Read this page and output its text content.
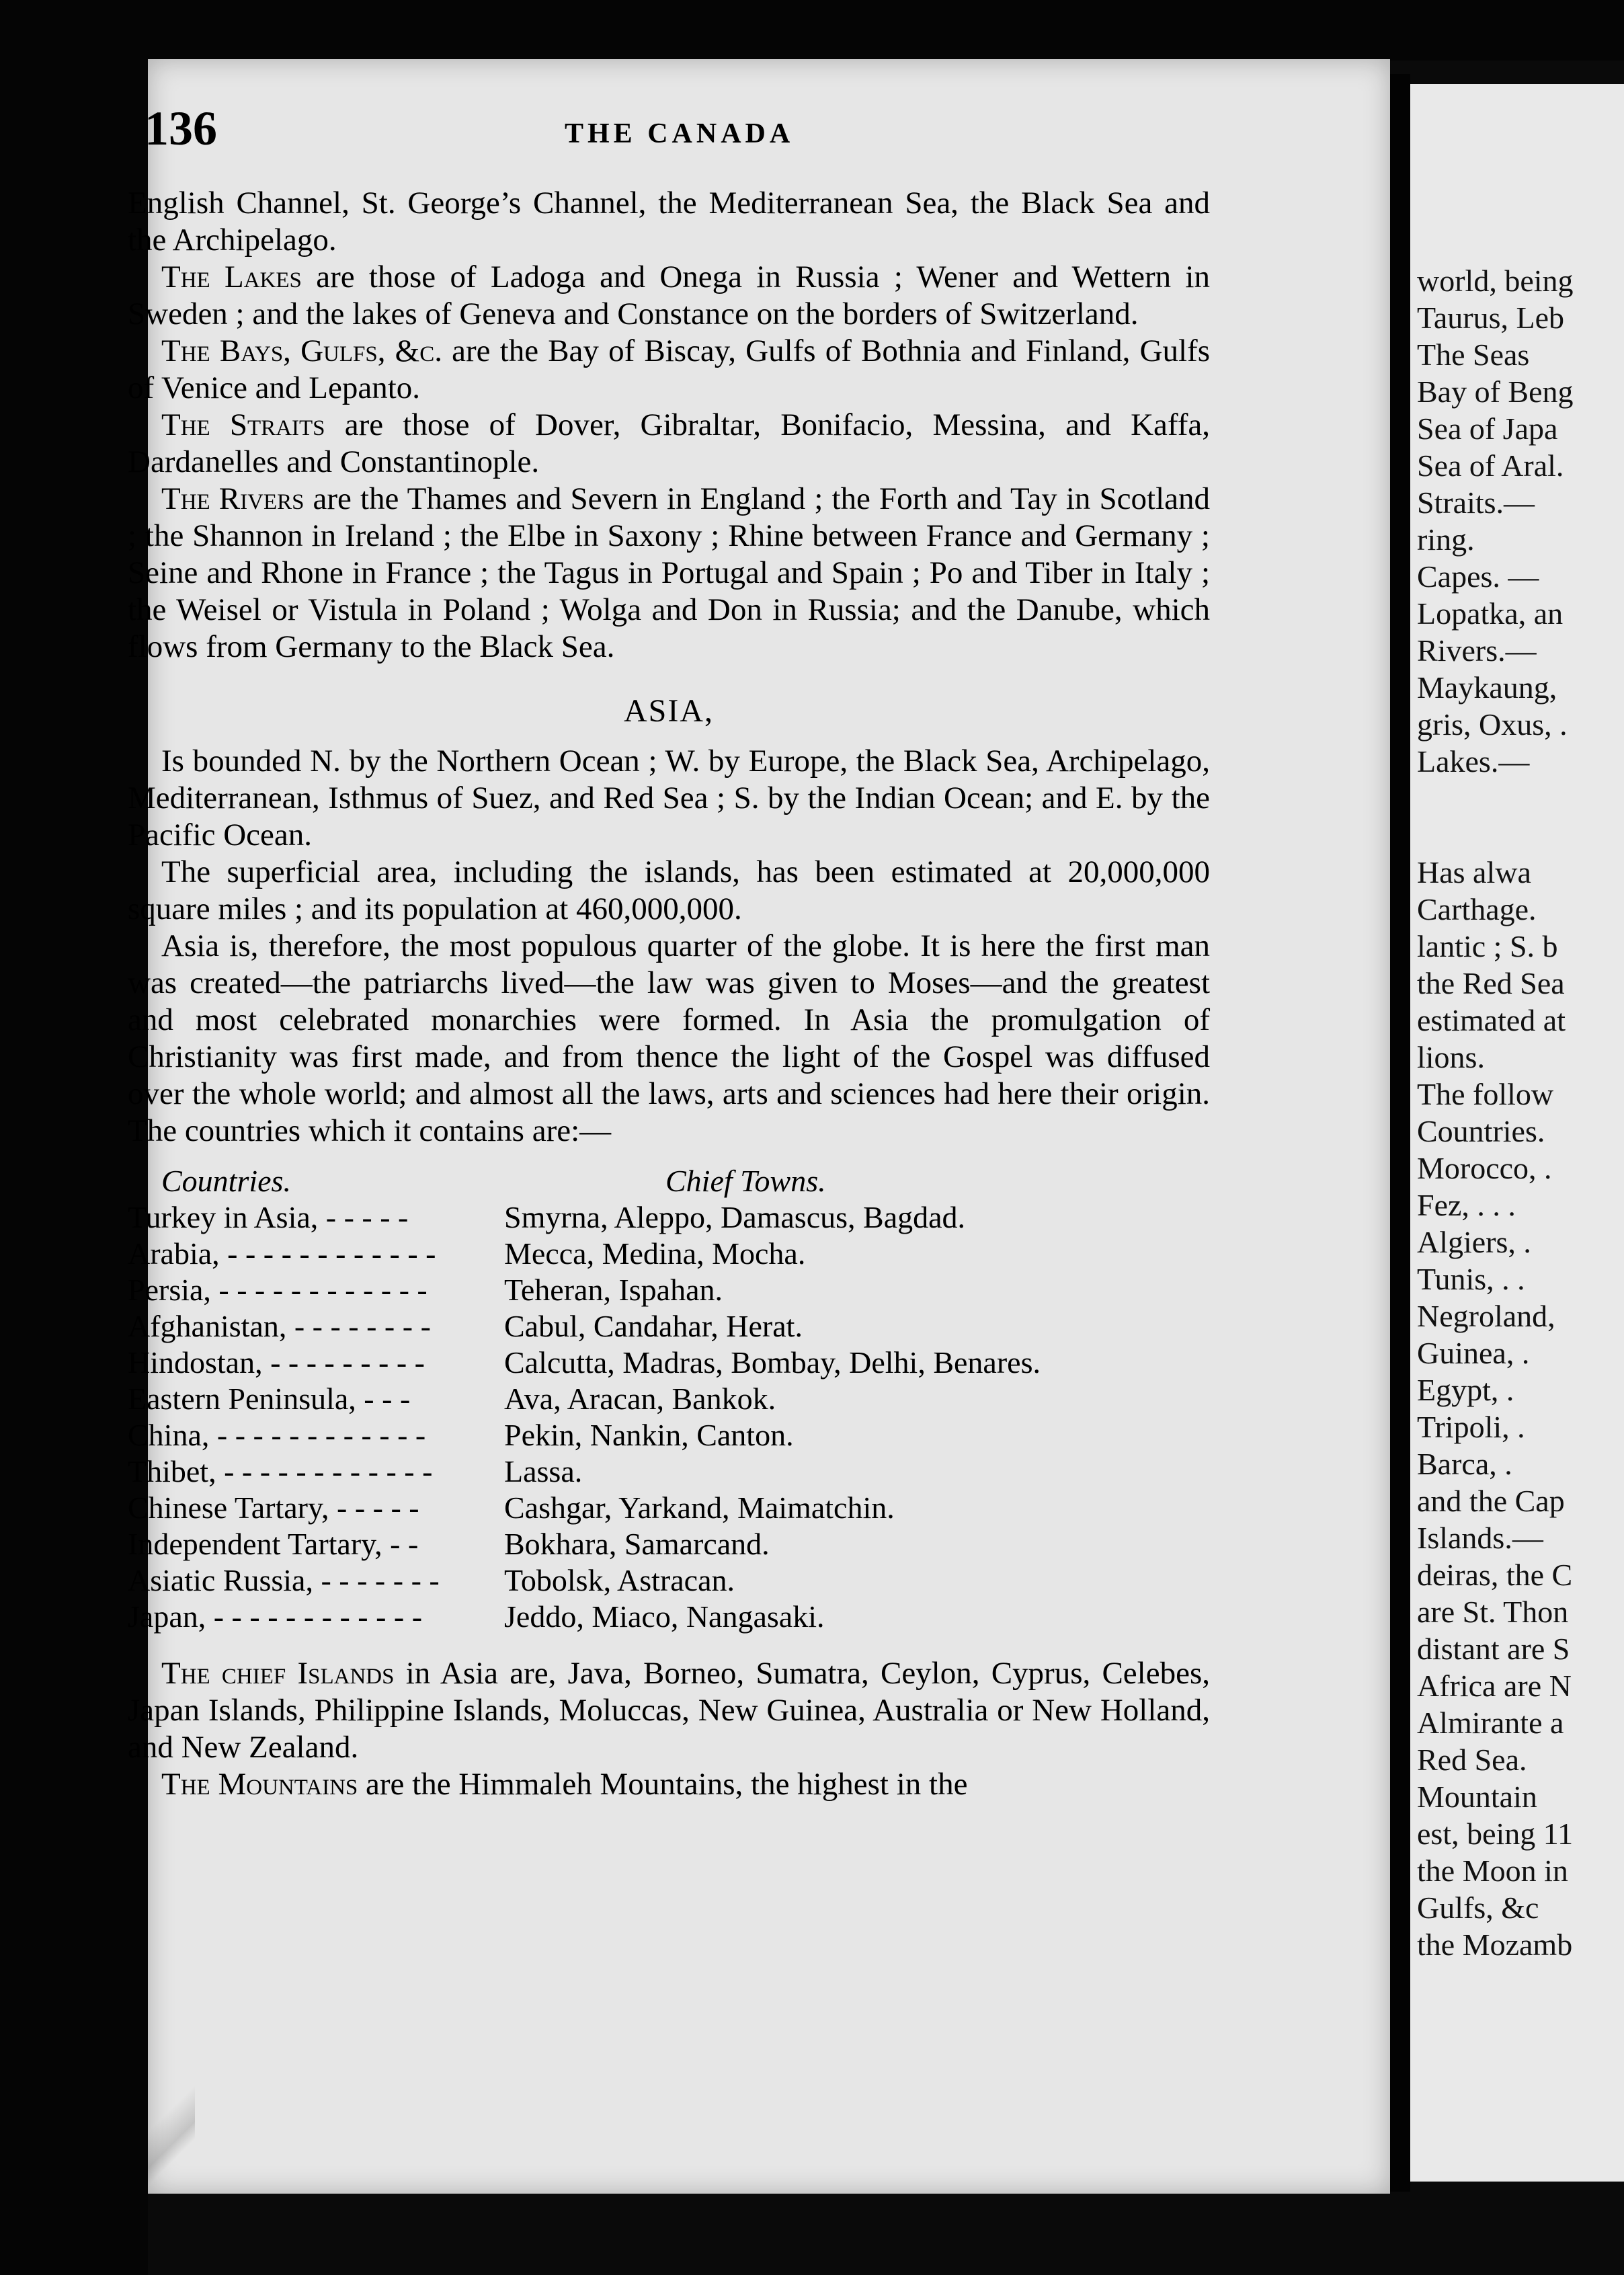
136	THE CANADA

English Channel, St. George’s Channel, the Mediterranean Sea, the Black Sea and the Archipelago.

The Lakes are those of Ladoga and Onega in Russia ; Wener and Wettern in Sweden ; and the lakes of Geneva and Constance on the borders of Switzerland.

The Bays, Gulfs, &c. are the Bay of Biscay, Gulfs of Bothnia and Finland, Gulfs of Venice and Lepanto.

The Straits are those of Dover, Gibraltar, Bonifacio, Messina, and Kaffa, Dardanelles and Constantinople.

The Rivers are the Thames and Severn in England ; the Forth and Tay in Scotland ; the Shannon in Ireland ; the Elbe in Saxony ; Rhine between France and Germany ; Seine and Rhone in France ; the Tagus in Portugal and Spain ; Po and Tiber in Italy ; the Weisel or Vistula in Poland ; Wolga and Don in Russia; and the Danube, which flows from Germany to the Black Sea.

ASIA,

Is bounded N. by the Northern Ocean ; W. by Europe, the Black Sea, Archipelago, Mediterranean, Isthmus of Suez, and Red Sea ; S. by the Indian Ocean; and E. by the Pacific Ocean.

The superficial area, including the islands, has been estimated at 20,000,000 square miles ; and its population at 460,000,000.

Asia is, therefore, the most populous quarter of the globe. It is here the first man was created—the patriarchs lived—the law was given to Moses—and the greatest and most celebrated monarchies were formed. In Asia the promulgation of Christianity was first made, and from thence the light of the Gospel was diffused over the whole world; and almost all the laws, arts and sciences had here their origin. The countries which it contains are:—

Countries.	Chief Towns.
Turkey in Asia, - - - - -	Smyrna, Aleppo, Damascus, Bagdad.
Arabia, - - - - - - - - - - - -	Mecca, Medina, Mocha.
Persia, - - - - - - - - - - - -	Teheran, Ispahan.
Afghanistan, - - - - - - - -	Cabul, Candahar, Herat.
Hindostan, - - - - - - - - -	Calcutta, Madras, Bombay, Delhi, Benares.
Eastern Peninsula, - - -	Ava, Aracan, Bankok.
China, - - - - - - - - - - - -	Pekin, Nankin, Canton.
Thibet, - - - - - - - - - - - -	Lassa.
Chinese Tartary, - - - - -	Cashgar, Yarkand, Maimatchin.
Independent Tartary, - -	Bokhara, Samarcand.
Asiatic Russia, - - - - - - -	Tobolsk, Astracan.
Japan, - - - - - - - - - - - -	Jeddo, Miaco, Nangasaki.

The chief Islands in Asia are, Java, Borneo, Sumatra, Ceylon, Cyprus, Celebes, Japan Islands, Philippine Islands, Moluccas, New Guinea, Australia or New Holland, and New Zealand.

The Mountains are the Himmaleh Mountains, the highest in the

world, being
Taurus, Leb
The Seas
Bay of Beng
Sea of Japa
Sea of Aral.
Straits.—
ring.
Capes. —
Lopatka, an
Rivers.—
Maykaung,
gris, Oxus, .
Lakes.—
Has alwa
Carthage.
lantic ; S. b
the Red Sea
estimated at
lions.
The follow
Countries.
Morocco, .
Fez, . . .
Algiers, .
Tunis, . .
Negroland,
Guinea, .
Egypt, .
Tripoli, .
Barca, .
and the Cap
Islands.—
deiras, the C
are St. Thon
distant are S
Africa are N
Almirante a
Red Sea.
Mountain
est, being 11
the Moon in
Gulfs, &c
the Mozamb
